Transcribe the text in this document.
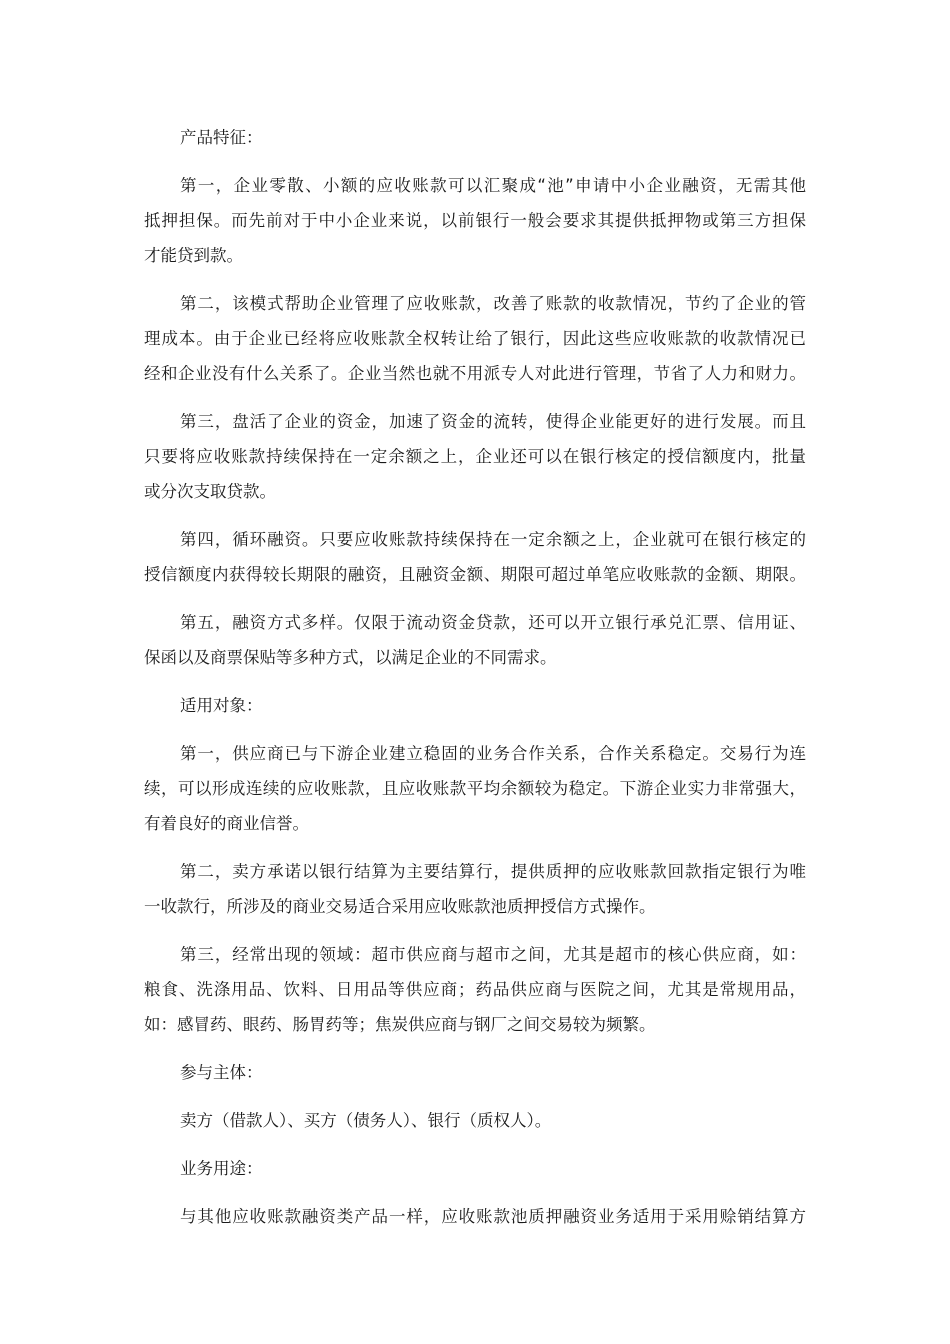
产品特征：
第一，企业零散、小额的应收账款可以汇聚成“池”申请中小企业融资，无需其他
抵押担保。而先前对于中小企业来说，以前银行一般会要求其提供抵押物或第三方担保
才能贷到款。
第二，该模式帮助企业管理了应收账款，改善了账款的收款情况，节约了企业的管
理成本。由于企业已经将应收账款全权转让给了银行，因此这些应收账款的收款情况已
经和企业没有什么关系了。企业当然也就不用派专人对此进行管理，节省了人力和财力。
第三，盘活了企业的资金，加速了资金的流转，使得企业能更好的进行发展。而且
只要将应收账款持续保持在一定余额之上，企业还可以在银行核定的授信额度内，批量
或分次支取贷款。
第四，循环融资。只要应收账款持续保持在一定余额之上，企业就可在银行核定的
授信额度内获得较长期限的融资，且融资金额、期限可超过单笔应收账款的金额、期限。
第五，融资方式多样。仅限于流动资金贷款，还可以开立银行承兑汇票、信用证、
保函以及商票保贴等多种方式，以满足企业的不同需求。
适用对象：
第一，供应商已与下游企业建立稳固的业务合作关系，合作关系稳定。交易行为连
续，可以形成连续的应收账款，且应收账款平均余额较为稳定。下游企业实力非常强大，
有着良好的商业信誉。
第二，卖方承诺以银行结算为主要结算行，提供质押的应收账款回款指定银行为唯
一收款行，所涉及的商业交易适合采用应收账款池质押授信方式操作。
第三，经常出现的领域：超市供应商与超市之间，尤其是超市的核心供应商，如：
粮食、洗涤用品、饮料、日用品等供应商；药品供应商与医院之间，尤其是常规用品，
如：感冒药、眼药、肠胃药等；焦炭供应商与钢厂之间交易较为频繁。
参与主体：
卖方（借款人）、买方（债务人）、银行（质权人）。
业务用途：
与其他应收账款融资类产品一样，应收账款池质押融资业务适用于采用赊销结算方
